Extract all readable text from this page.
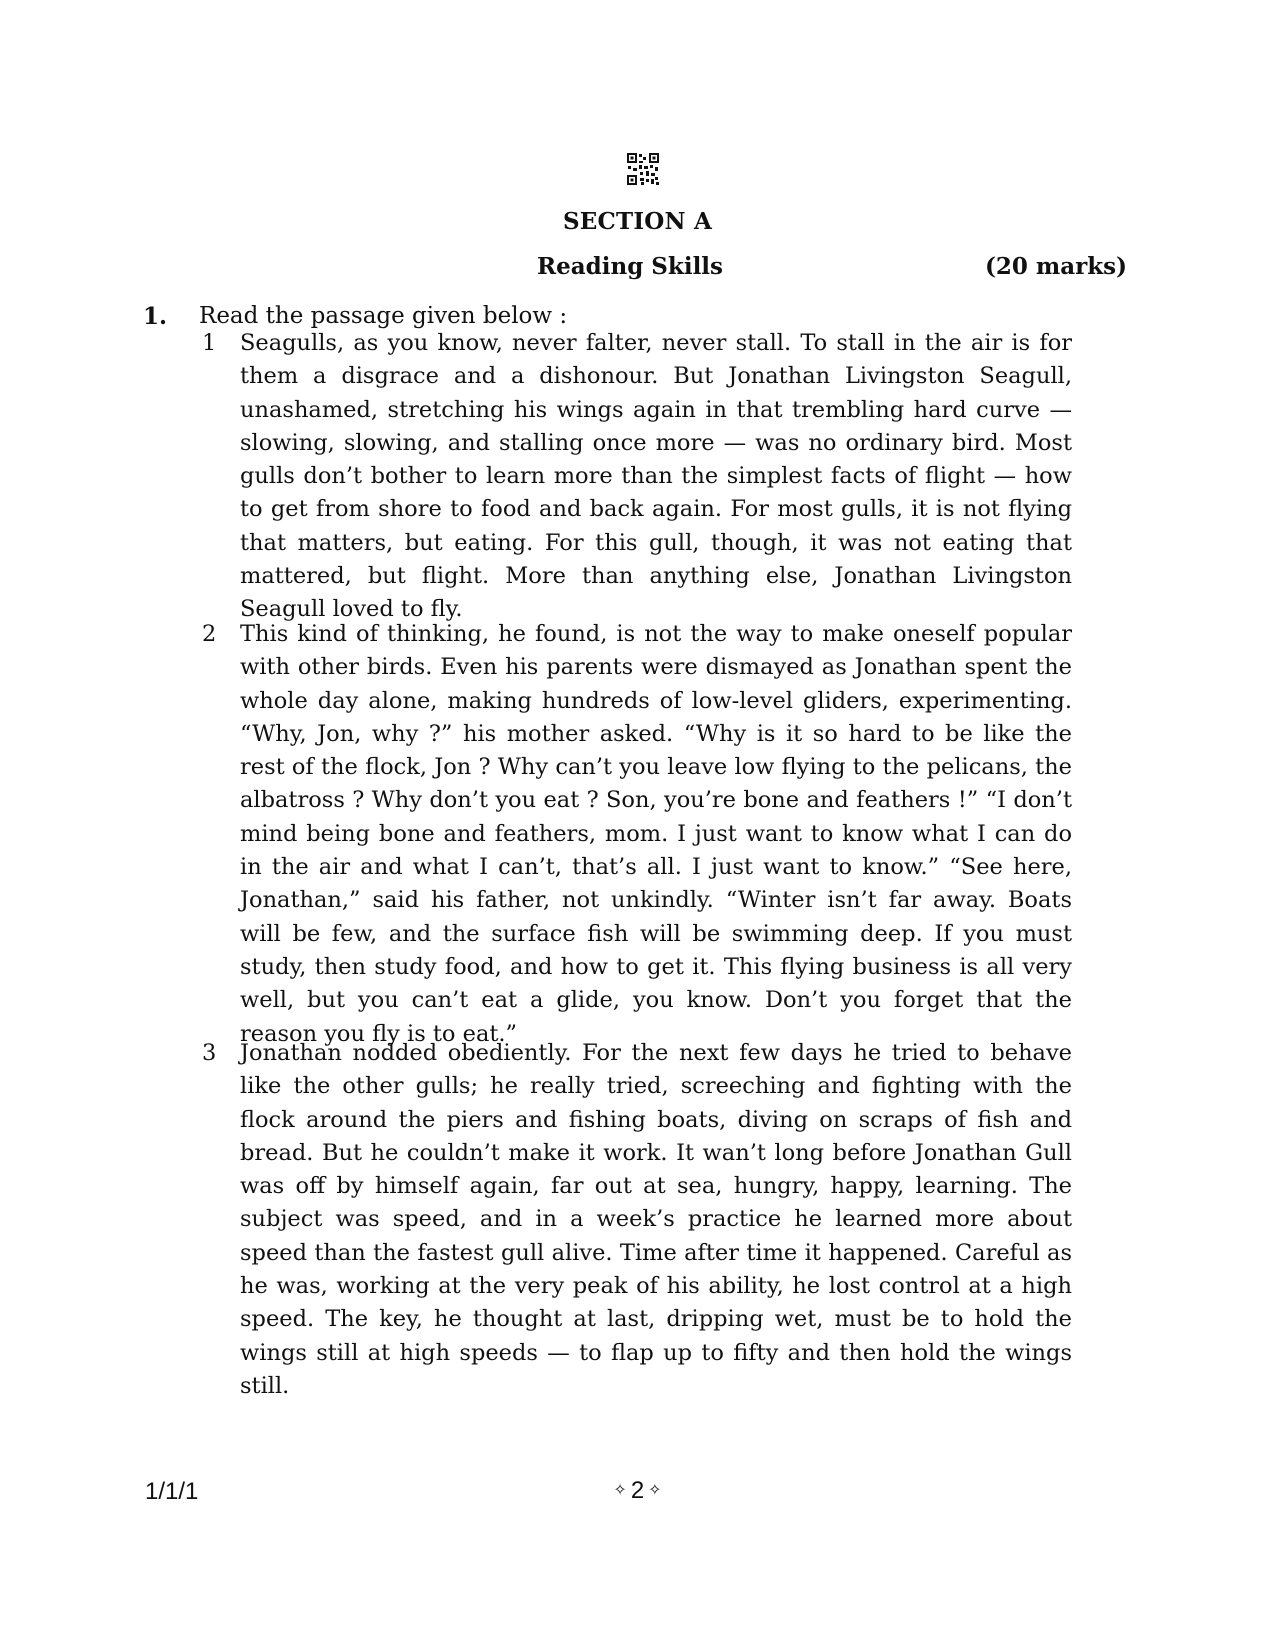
SECTION A
Reading Skills	(20 marks)
1. Read the passage given below :
1 Seagulls, as you know, never falter, never stall. To stall in the air is for them a disgrace and a dishonour. But Jonathan Livingston Seagull, unashamed, stretching his wings again in that trembling hard curve — slowing, slowing, and stalling once more — was no ordinary bird. Most gulls don’t bother to learn more than the simplest facts of flight — how to get from shore to food and back again. For most gulls, it is not flying that matters, but eating. For this gull, though, it was not eating that mattered, but flight. More than anything else, Jonathan Livingston Seagull loved to fly.
2 This kind of thinking, he found, is not the way to make oneself popular with other birds. Even his parents were dismayed as Jonathan spent the whole day alone, making hundreds of low-level gliders, experimenting. “Why, Jon, why ?” his mother asked. “Why is it so hard to be like the rest of the flock, Jon ? Why can’t you leave low flying to the pelicans, the albatross ? Why don’t you eat ? Son, you’re bone and feathers !” “I don’t mind being bone and feathers, mom. I just want to know what I can do in the air and what I can’t, that’s all. I just want to know.” “See here, Jonathan,” said his father, not unkindly. “Winter isn’t far away. Boats will be few, and the surface fish will be swimming deep. If you must study, then study food, and how to get it. This flying business is all very well, but you can’t eat a glide, you know. Don’t you forget that the reason you fly is to eat.”
3 Jonathan nodded obediently. For the next few days he tried to behave like the other gulls; he really tried, screeching and fighting with the flock around the piers and fishing boats, diving on scraps of fish and bread. But he couldn’t make it work. It wan’t long before Jonathan Gull was off by himself again, far out at sea, hungry, happy, learning. The subject was speed, and in a week’s practice he learned more about speed than the fastest gull alive. Time after time it happened. Careful as he was, working at the very peak of his ability, he lost control at a high speed. The key, he thought at last, dripping wet, must be to hold the wings still at high speeds — to flap up to fifty and then hold the wings still.
1/1/1	✧ 2 ✧
